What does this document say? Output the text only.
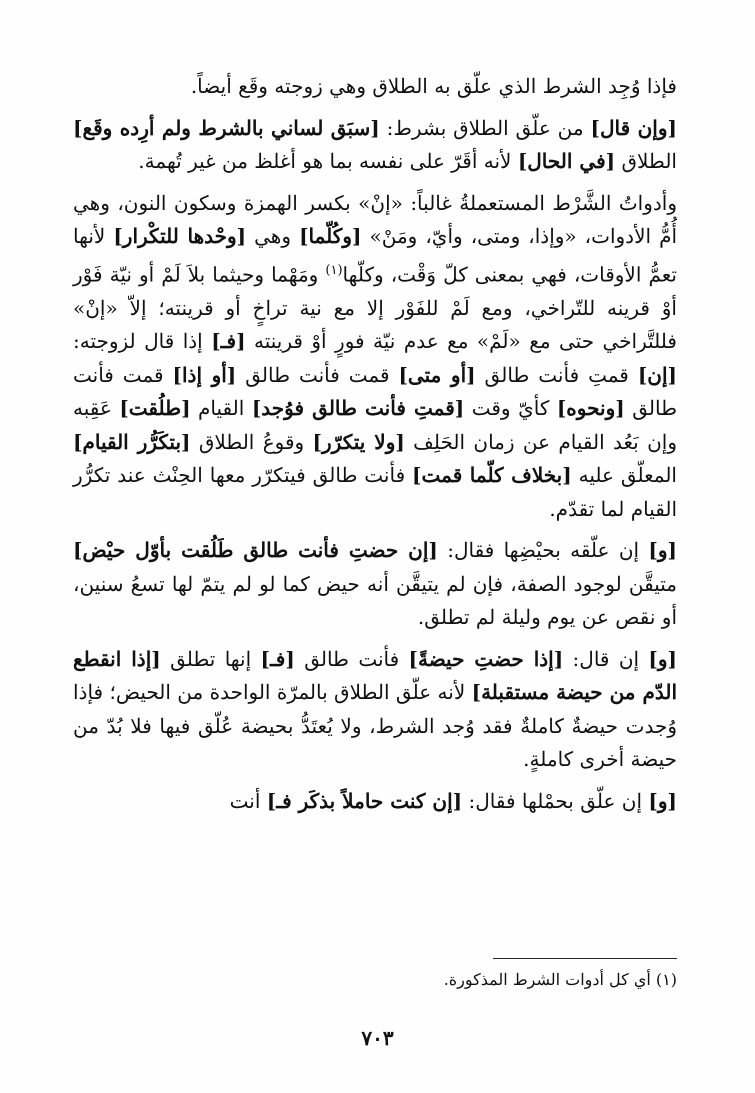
فإذا وُجِد الشرط الذي علّق به الطلاق وهي زوجته وقَع أيضاً.

[وإن قال] من علّق الطلاق بشرط: [سبَق لساني بالشرط ولم أرِده وقَع] الطلاق [في الحال] لأنه أقَرّ على نفسه بما هو أغلظ من غير تُهمة.

وأدواتُ الشَّرْط المستعملةُ غالباً: «إنْ» بكسر الهمزة وسكون النون، وهي أُمُّ الأدوات، «وإذا، ومتى، وأيّ، ومَنْ» [وكُلّما] وهي [وحْدها للتكْرار] لأنها تعمُّ الأوقات، فهي بمعنى كلّ وَقْت، وكلّها$^{(١)}$ ومَهْما وحيثما بلاَ لَمْ أو نيّة فَوْر أوْ قرينه للتّراخي، ومع لَمْ للفَوْر إلا مع نية تراخٍ أو قرينته؛ إلاّ «إنْ» فللتَّراخي حتى مع «لَمْ» مع عدم نيّة فورٍ أوْ قرينته [فـ] إذا قال لزوجته: [إن] قمتِ فأنت طالق [أو متى] قمت فأنت طالق [أو إذا] قمت فأنت طالق [ونحوه] كأيّ وقت [قمتِ فأنت طالق فوُجد] القيام [طلُقت] عَقِبه وإن بَعُد القيام عن زمان الحَلِف [ولا يتكرّر] وقوعُ الطلاق [بتكَرُّر القيام] المعلّق عليه [بخلاف كلّما قمت] فأنت طالق فيتكرّر معها الحِنْث عند تكرُّر القيام لما تقدّم.

[و] إن علّقه بحيْضِها فقال: [إن حضتِ فأنت طالق طَلُقت بأوّل حيْض] متيقَّن لوجود الصفة، فإن لم يتيقَّن أنه حيض كما لو لم يتمّ لها تسعُ سنين، أو نقص عن يوم وليلة لم تطلق.

[و] إن قال: [إذا حضتِ حيضةً] فأنت طالق [فـ] إنها تطلق [إذا انقطع الدّم من حيضة مستقبلة] لأنه علّق الطلاق بالمرّة الواحدة من الحيض؛ فإذا وُجدت حيضةٌ كاملةٌ فقد وُجد الشرط، ولا يُعتَدُّ بحيضة عُلّق فيها فلا بُدّ من حيضة أخرى كاملةٍ.

[و] إن علّق بحمْلها فقال: [إن كنت حاملاً بذكَر فـ] أنت

(١) أي كل أدوات الشرط المذكورة.
٧٠٣
